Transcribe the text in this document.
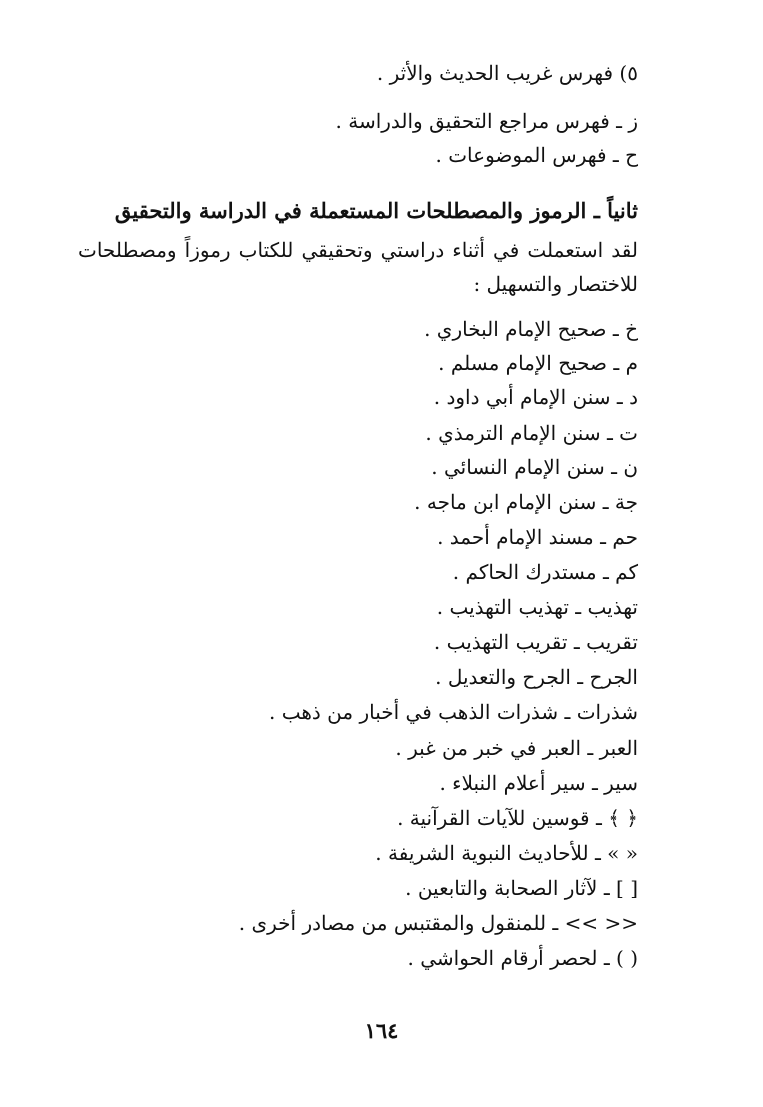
٥) فهرس غريب الحديث والأثر .
ز ـ فهرس مراجع التحقيق والدراسة .
ح ـ فهرس الموضوعات .
ثانياً ـ الرموز والمصطلحات المستعملة في الدراسة والتحقيق
لقد استعملت في أثناء دراستي وتحقيقي للكتاب رموزاً ومصطلحات للاختصار والتسهيل :
خ ـ صحيح الإمام البخاري .
م ـ صحيح الإمام مسلم .
د ـ سنن الإمام أبي داود .
ت ـ سنن الإمام الترمذي .
ن ـ سنن الإمام النسائي .
جة ـ سنن الإمام ابن ماجه .
حم ـ مسند الإمام أحمد .
كم ـ مستدرك الحاكم .
تهذيب ـ تهذيب التهذيب .
تقريب ـ تقريب التهذيب .
الجرح ـ الجرح والتعديل .
شذرات ـ شذرات الذهب في أخبار من ذهب .
العبر ـ العبر في خبر من غبر .
سير ـ سير أعلام النبلاء .
﴿ ﴾ ـ قوسين للآيات القرآنية .
« » ـ للأحاديث النبوية الشريفة .
[ ] ـ لآثار الصحابة والتابعين .
<< >> ـ للمنقول والمقتبس من مصادر أخرى .
( ) ـ لحصر أرقام الحواشي .
١٦٤
